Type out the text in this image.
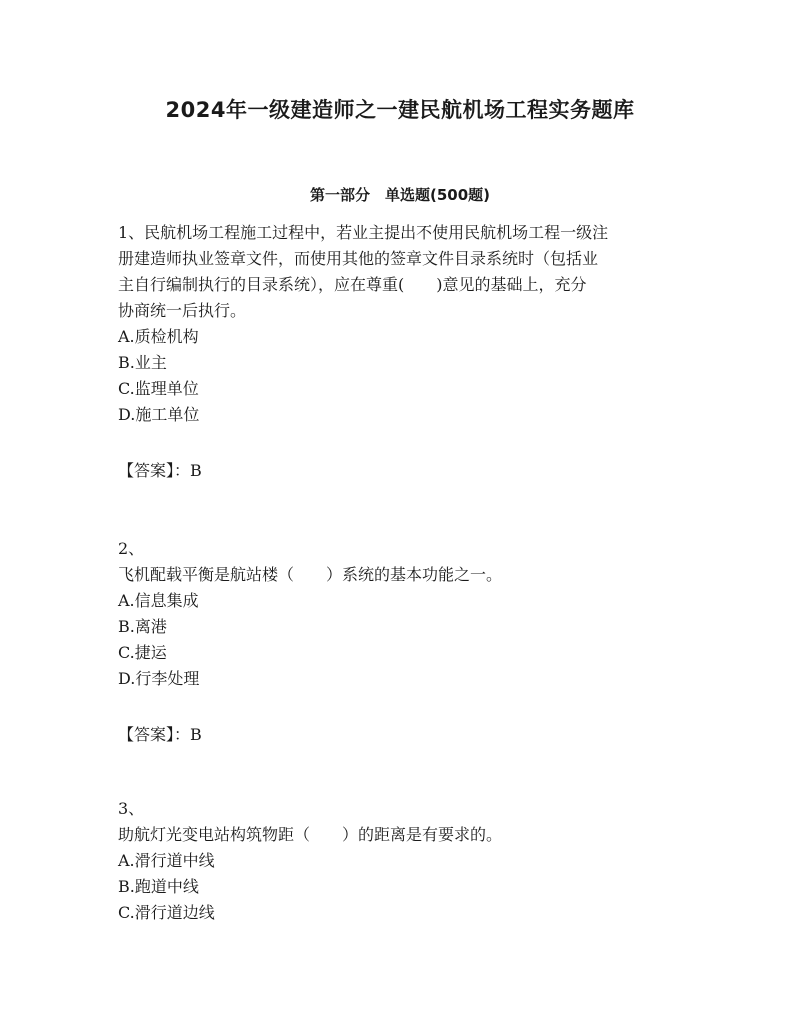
2024年一级建造师之一建民航机场工程实务题库
第一部分　单选题(500题)
1、民航机场工程施工过程中，若业主提出不使用民航机场工程一级注
册建造师执业签章文件，而使用其他的签章文件目录系统时（包括业
主自行编制执行的目录系统），应在尊重(　　)意见的基础上，充分
协商统一后执行。
A.质检机构
B.业主
C.监理单位
D.施工单位
【答案】：B
2、
飞机配载平衡是航站楼（　　）系统的基本功能之一。
A.信息集成
B.离港
C.捷运
D.行李处理
【答案】：B
3、
助航灯光变电站构筑物距（　　）的距离是有要求的。
A.滑行道中线
B.跑道中线
C.滑行道边线
